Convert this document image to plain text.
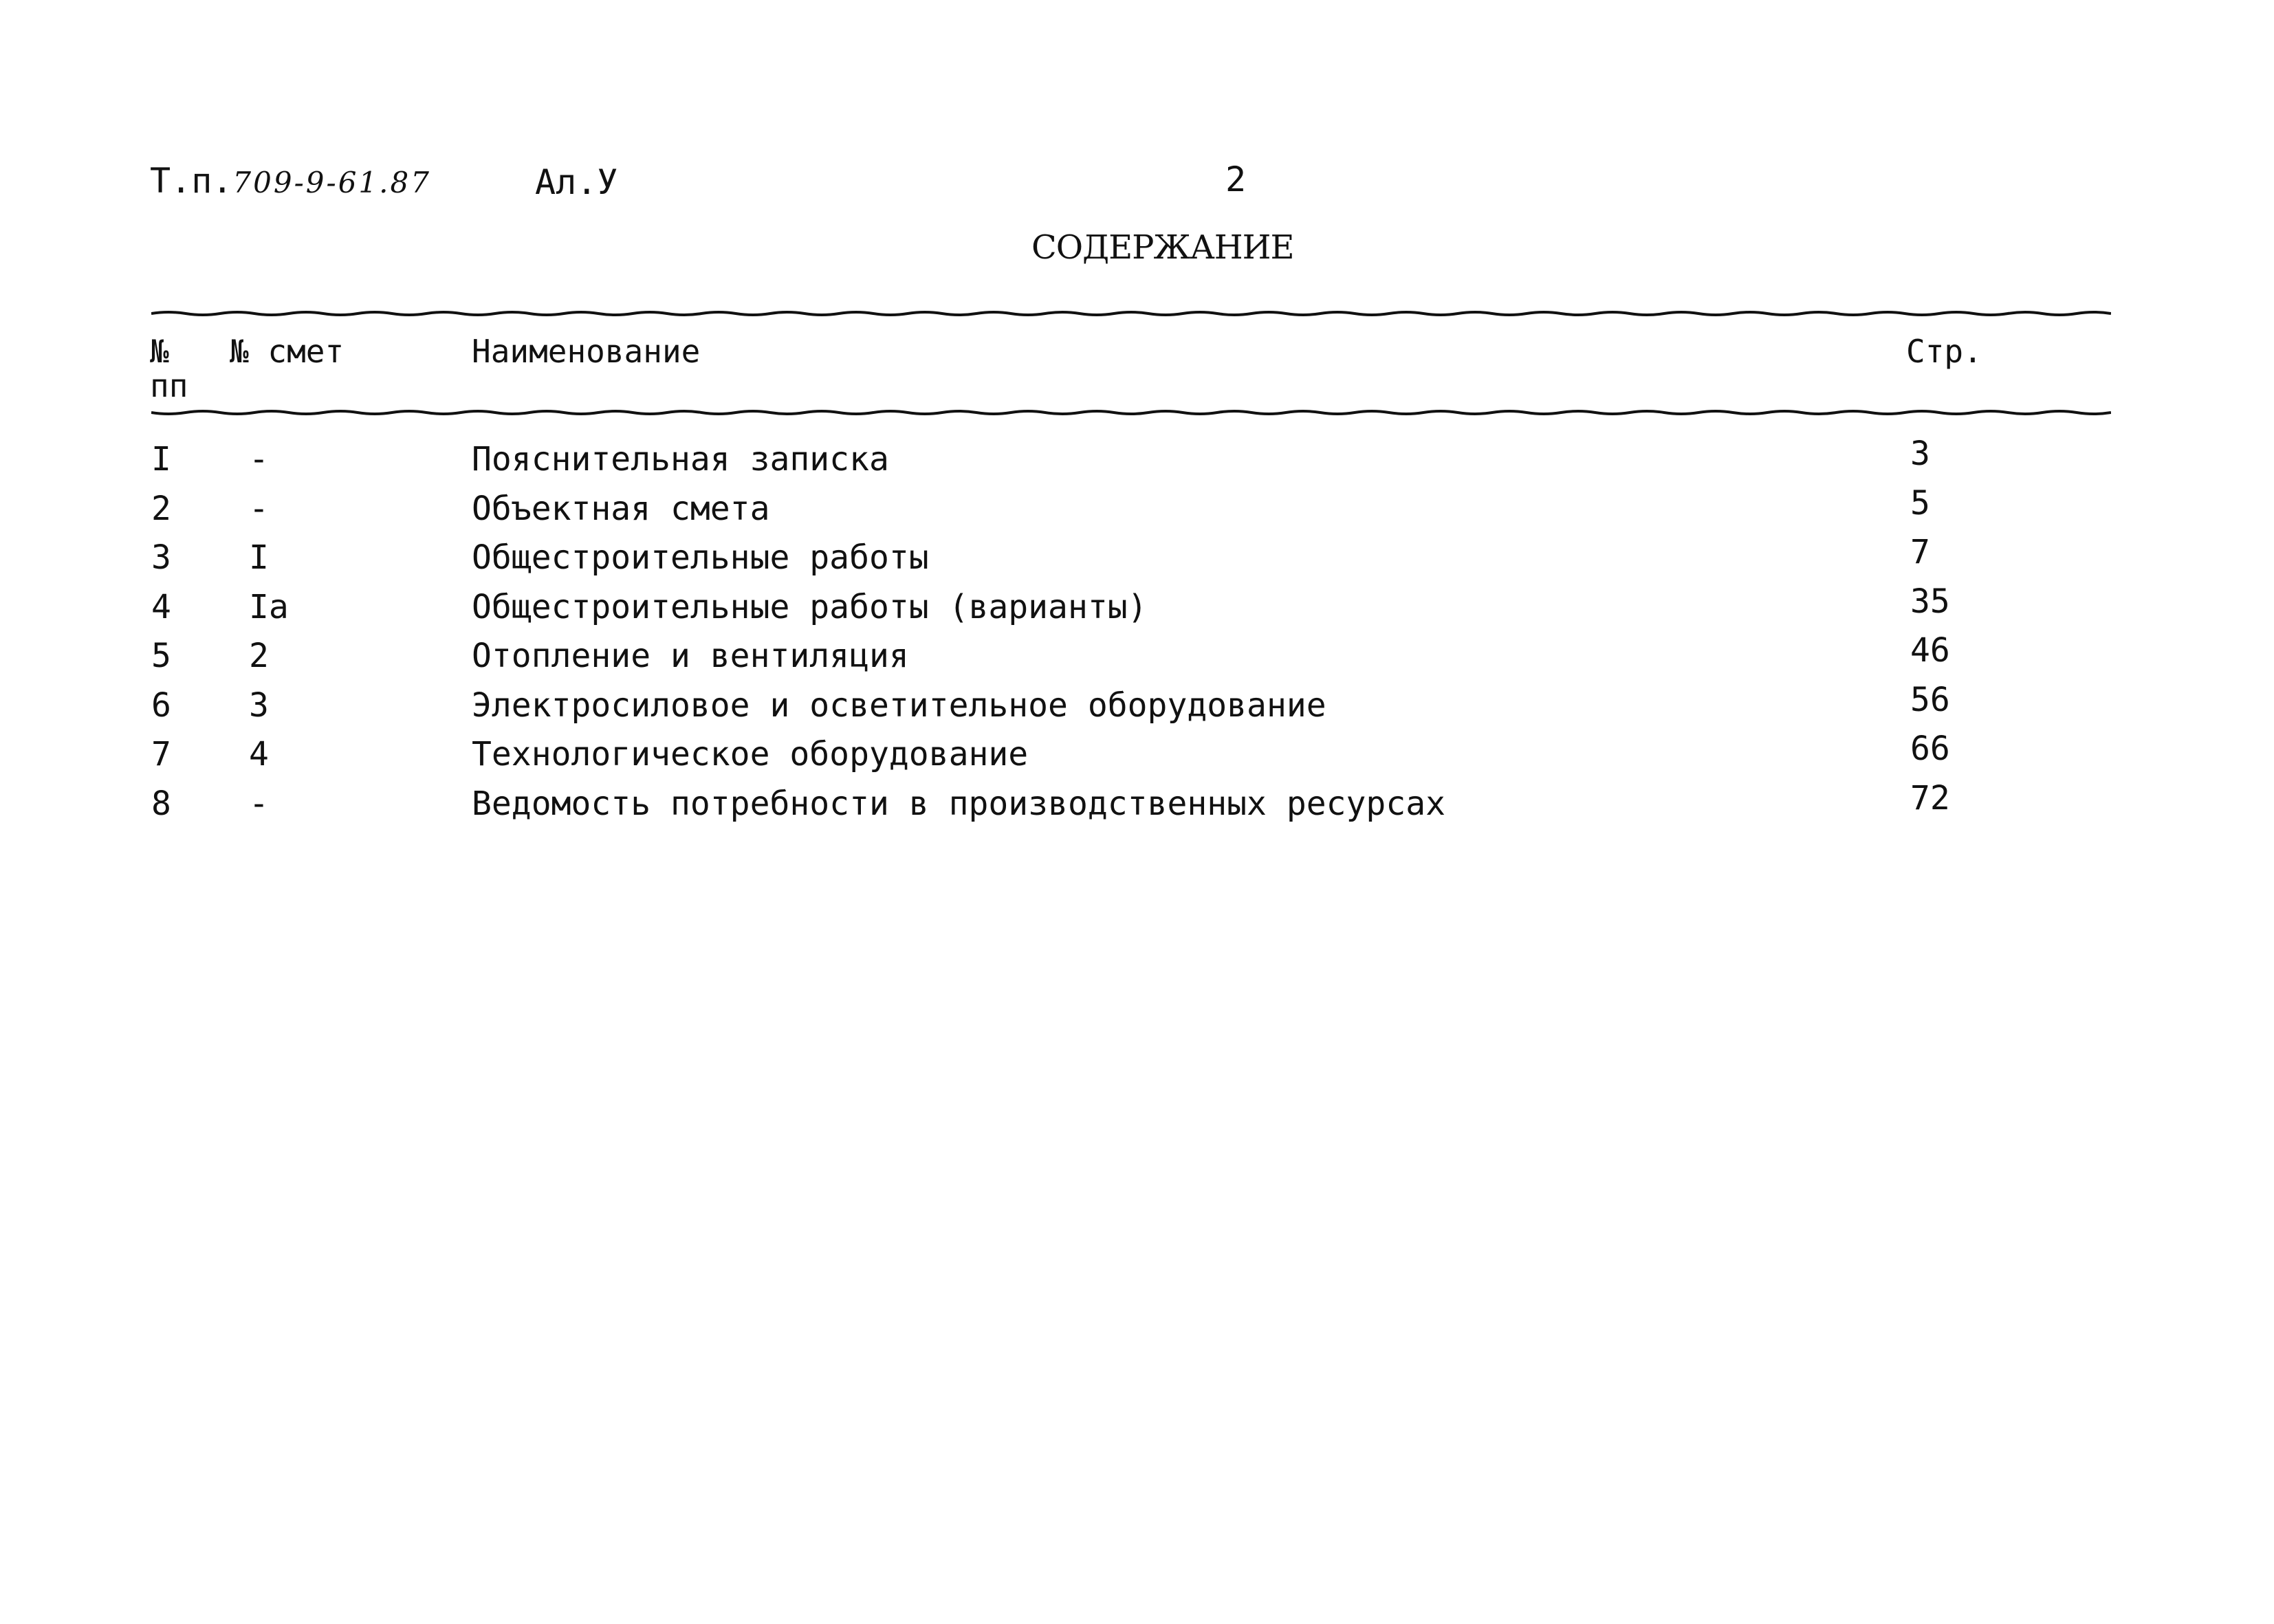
Т.п.709-9-61.87	Ал.У	2
СОДЕРЖАНИЕ
№
пп
№ смет	Наименование	Стр.
I -	Пояснительная записка	3
2 -	Объектная смета	5
3 I	Общестроительные работы	7
4 Iа	Общестроительные работы (варианты)	35
5 2	Отопление и вентиляция	46
6 3	Электросиловое и осветительное оборудование	56
7 4	Технологическое оборудование	66
8 -	Ведомость потребности в производственных ресурсах	72
